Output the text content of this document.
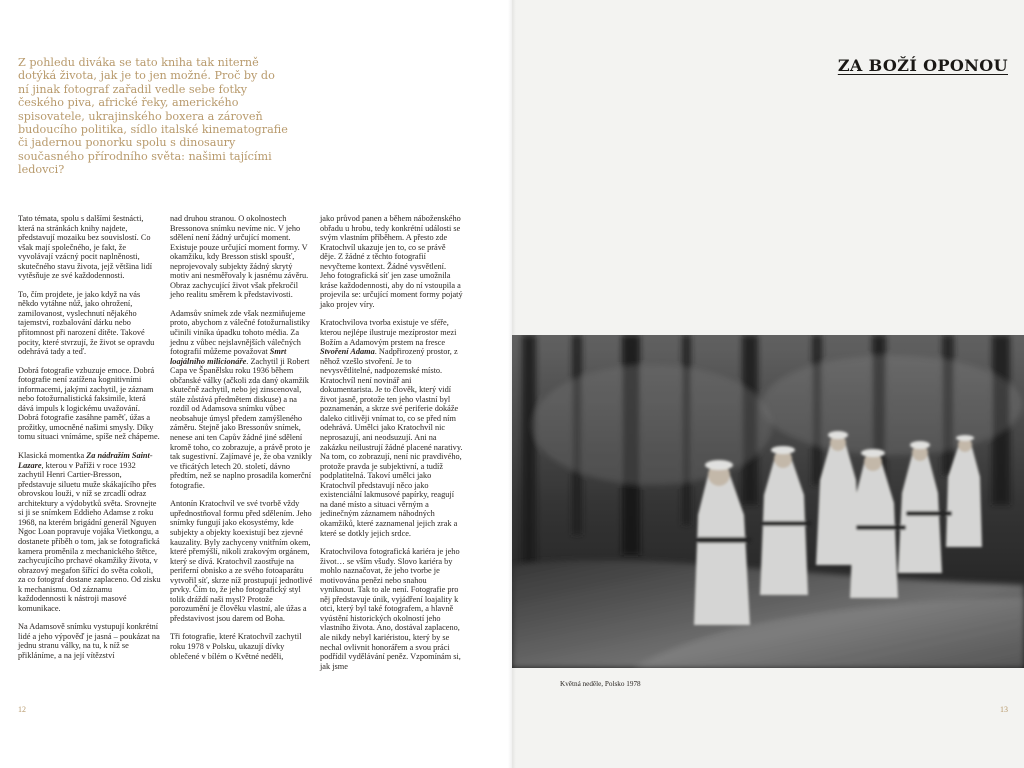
Z pohledu diváka se tato kniha tak niterně dotýká života, jak je to jen možné. Proč by do ní jinak fotograf zařadil vedle sebe fotky českého piva, africké řeky, amerického spisovatele, ukrajinského boxera a zároveň budoucího politika, sídlo italské kinematografie či jadernou ponorku spolu s dinosaury současného přírodního světa: našimi tajícími ledovci?

Tato témata, spolu s dalšími šestnácti, která na stránkách knihy najdete, představují mozaiku bez souvislostí. Co však mají společného, je fakt, že vyvolávají vzácný pocit naplněnosti, skutečného stavu života, jejž většina lidí vytěsňuje ze své každodennosti.

To, čím projdete, je jako když na vás někdo vytáhne nůž, jako ohrožení, zamilovanost, vyslechnutí nějakého tajemství, rozbalování dárku nebo přítomnost při narození dítěte. Takové pocity, které stvrzují, že život se opravdu odehrává tady a teď.

Dobrá fotografie vzbuzuje emoce. Dobrá fotografie není zatížena kognitivními informacemi, jakými zachytil, je záznam nebo fotožurnalistická faksimile, která dává impuls k logickému uvažování. Dobrá fotografie zasáhne paměť, úžas a prožitky, umocněné našimi smysly. Díky tomu situaci vnímáme, spíše než chápeme.

Klasická momentka Za nádražím Saint-Lazare, kterou v Paříži v roce 1932 zachytil Henri Cartier-Bresson, představuje siluetu muže skákajícího přes obrovskou louži, v níž se zrcadlí odraz architektury a výdobytků světa. Srovnejte si ji se snímkem Eddieho Adamse z roku 1968, na kterém brigádní generál Nguyen Ngoc Loan popravuje vojáka Vietkongu, a dostanete příběh o tom, jak se fotografická kamera proměnila z mechanického štětce, zachycujícího prchavé okamžiky života, v obrazový megafon šířící do světa cokoli, za co fotograf dostane zaplaceno. Od zisku k mechanismu. Od záznamu každodennosti k nástroji masové komunikace.

Na Adamsově snímku vystupují konkrétní lidé a jeho výpověď je jasná – poukázat na jednu stranu války, na tu, k níž se přikláníme, a na její vítězství

nad druhou stranou. O okolnostech Bressonova snímku nevíme nic. V jeho sdělení není žádný určující moment. Existuje pouze určující moment formy. V okamžiku, kdy Bresson stiskl spoušť, neprojevovaly subjekty žádný skrytý motiv ani nesměřovaly k jasnému závěru. Obraz zachycující život však překročil jeho realitu směrem k představivosti.

Adamsův snímek zde však nezmiňujeme proto, abychom z válečné fotožurnalistiky učinili viníka úpadku tohoto média. Za jednu z vůbec nejslavnějších válečných fotografií můžeme považovat Smrt loajálního milicionáře. Zachytil ji Robert Capa ve Španělsku roku 1936 během občanské války (ačkoli zda daný okamžik skutečně zachytil, nebo jej zinscenoval, stále zůstává předmětem diskuse) a na rozdíl od Adamsova snímku vůbec neobsahuje úmysl předem zamýšleného záměru. Stejně jako Bressonův snímek, nenese ani ten Capův žádné jiné sdělení kromě toho, co zobrazuje, a právě proto je tak sugestivní. Zajímavé je, že oba vznikly ve třicátých letech 20. století, dávno předtím, než se naplno prosadila komerční fotografie.

Antonín Kratochvíl ve své tvorbě vždy upřednostňoval formu před sdělením. Jeho snímky fungují jako ekosystémy, kde subjekty a objekty koexistují bez zjevné kauzality. Byly zachyceny vnitřním okem, které přemýšlí, nikoli zrakovým orgánem, který se dívá. Kratochvíl zaostřuje na periferní obnisko a ze svého fotoaparátu vytvořil síť, skrze níž prostupují jednotlivé prvky. Čím to, že jeho fotografický styl tolik dráždí naši mysl? Protože porozumění je člověku vlastní, ale úžas a představivost jsou darem od Boha.

Tři fotografie, které Kratochvíl zachytil roku 1978 v Polsku, ukazují dívky oblečené v bílém o Květné neděli,

jako průvod panen a během náboženského obřadu u hrobu, tedy konkrétní události se svým vlastním příběhem. A přesto zde Kratochvíl ukazuje jen to, co se právě děje. Z žádné z těchto fotografií nevyčteme kontext. Žádné vysvětlení. Jeho fotografická síť jen zase umožnila kráse každodennosti, aby do ní vstoupila a projevila se: určující moment formy pojatý jako projev víry.

Kratochvilova tvorba existuje ve sféře, kterou nejlépe ilustruje mezíprostor mezi Božím a Adamovým prstem na fresce Stvoření Adama. Nadpřirozený prostor, z něhož vzešlo stvoření. Je to nevysvětlitelné, nadpozemské místo. Kratochvíl není novinář ani dokumentarista. Je to člověk, který vidí život jasně, protože ten jeho vlastní byl poznamenán, a skrze své periferie dokáže daleko citlivěji vnímat to, co se před ním odehrává. Umělci jako Kratochvíl nic neprosazují, ani neodsuzují. Ani na zakázku neilustrují žádné placené narativy. Na tom, co zobrazují, není nic pravdivého, protože pravda je subjektivní, a tudíž podplatitelná. Takoví umělci jako Kratochvíl představují něco jako existenciální lakmusové papírky, reagují na dané místo a situaci věrným a jedinečným záznamem náhodných okamžiků, které zaznamenal jejich zrak a které se dotkly jejich srdce.

Kratochvilova fotografická kariéra je jeho život… se vším všudy. Slovo kariéra by mohlo naznačovat, že jeho tvorbe je motivována penězi nebo snahou vyniknout. Tak to ale není. Fotografie pro něj představuje únik, vyjádření loajality k otci, který byl také fotografem, a hlavně vyústění historických okolností jeho vlastního života. Ano, dostával zaplaceno, ale nikdy nebyl kariéristou, který by se nechal ovlivnit honorářem a svou práci podřídil vydělávání peněz. Vzpomínám si, jak jsme

ZA BOŽÍ OPONOU

Květná neděle, Polsko 1978

12	13
